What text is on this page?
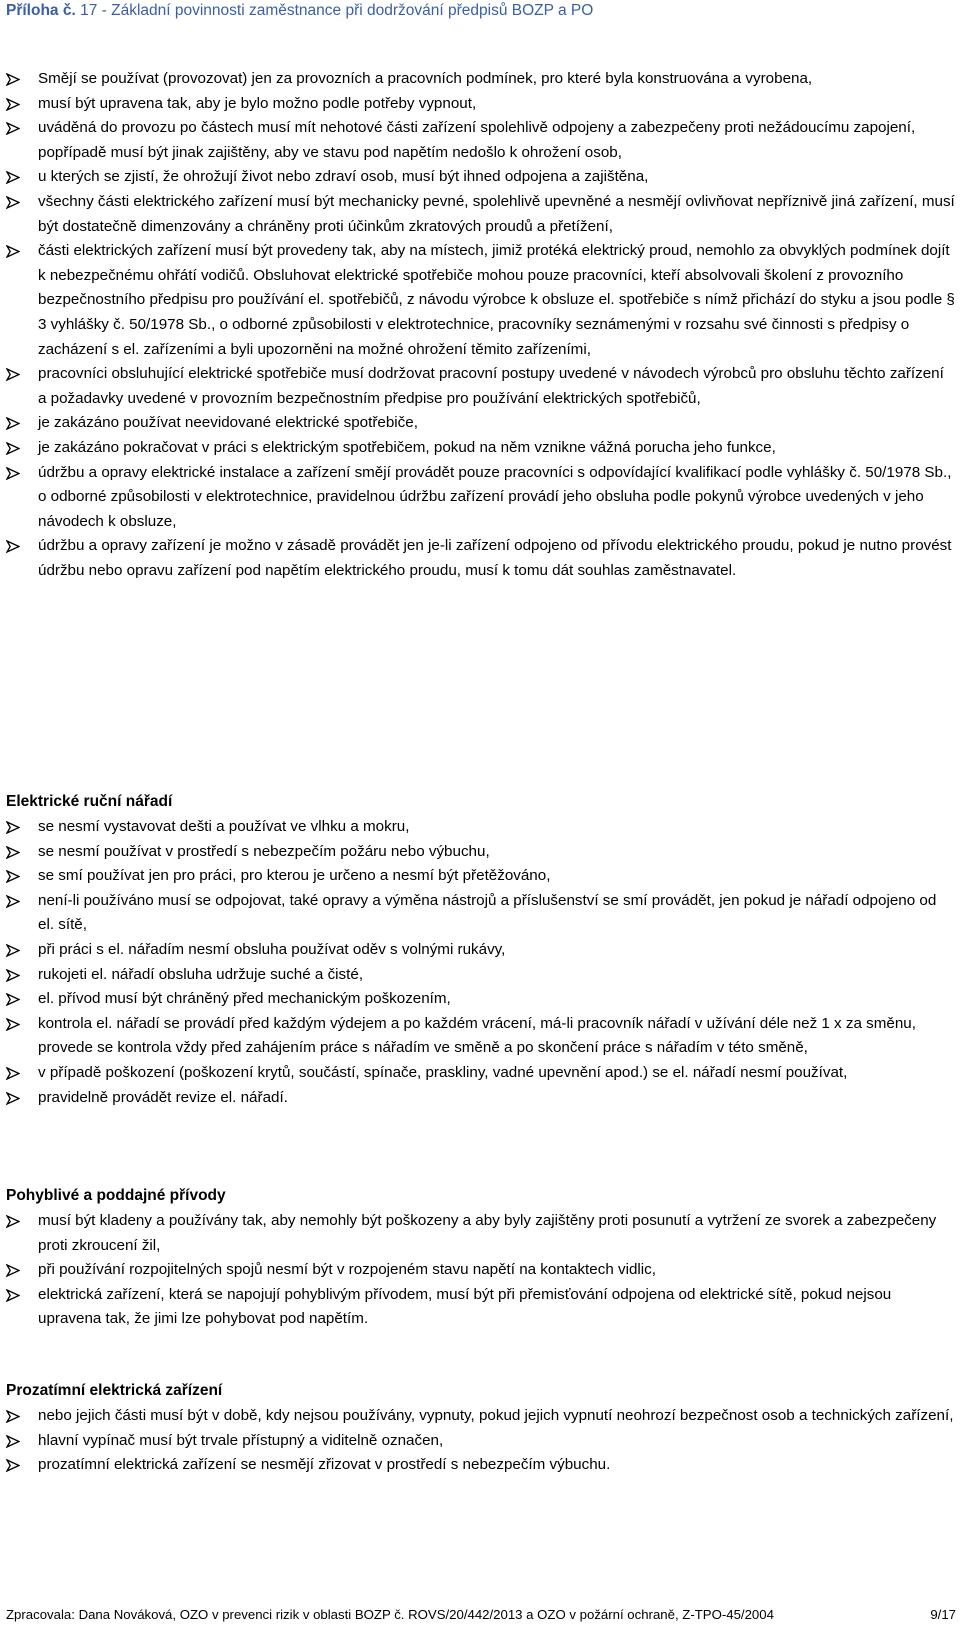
Příloha č. 17 - Základní povinnosti zaměstnance při dodržování předpisů BOZP a PO
Smějí se používat (provozovat) jen za provozních a pracovních podmínek, pro které byla konstruována a vyrobena,
musí být upravena tak, aby je bylo možno podle potřeby vypnout,
uváděná do provozu po částech musí mít nehotové části zařízení spolehlivě odpojeny a zabezpečeny proti nežádoucímu zapojení, popřípadě musí být jinak zajištěny, aby ve stavu pod napětím nedošlo k ohrožení osob,
u kterých se zjistí, že ohrožují život nebo zdraví osob, musí být ihned odpojena a zajištěna,
všechny části elektrického zařízení musí být mechanicky pevné, spolehlivě upevněné a nesmějí ovlivňovat nepříznivě jiná zařízení, musí být dostatečně dimenzovány a chráněny proti účinkům zkratových proudů a přetížení,
části elektrických zařízení musí být provedeny tak, aby na místech, jimiž protéká elektrický proud, nemohlo za obvyklých podmínek dojít k nebezpečnému ohřátí vodičů. Obsluhovat elektrické spotřebiče mohou pouze pracovníci, kteří absolvovali školení z provozního bezpečnostního předpisu pro používání el. spotřebičů, z návodu výrobce k obsluze el. spotřebiče s nímž přichází do styku a jsou podle § 3 vyhlášky č. 50/1978 Sb., o odborné způsobilosti v elektrotechnice, pracovníky seznámenými v rozsahu své činnosti s předpisy o zacházení s el. zařízeními a byli upozorněni na možné ohrožení těmito zařízeními,
pracovníci obsluhující elektrické spotřebiče musí dodržovat pracovní postupy uvedené v návodech výrobců pro obsluhu těchto zařízení a požadavky uvedené v provozním bezpečnostním předpise pro používání elektrických spotřebičů,
je zakázáno používat neevidované elektrické spotřebiče,
je zakázáno pokračovat v práci s elektrickým spotřebičem, pokud na něm vznikne vážná porucha jeho funkce,
údržbu a opravy elektrické instalace a zařízení smějí provádět pouze pracovníci s odpovídající kvalifikací podle vyhlášky č. 50/1978 Sb., o odborné způsobilosti v elektrotechnice, pravidelnou údržbu zařízení provádí jeho obsluha podle pokynů výrobce uvedených v jeho návodech k obsluze,
údržbu a opravy zařízení je možno v zásadě provádět jen je-li zařízení odpojeno od přívodu elektrického proudu, pokud je nutno provést údržbu nebo opravu zařízení pod napětím elektrického proudu, musí k tomu dát souhlas zaměstnavatel.
Elektrické ruční nářadí
se nesmí vystavovat dešti a používat ve vlhku a mokru,
se nesmí používat v prostředí s nebezpečím požáru nebo výbuchu,
se smí používat jen pro práci, pro kterou je určeno a nesmí být přetěžováno,
není-li používáno musí se odpojovat, také opravy a výměna nástrojů a příslušenství se smí provádět, jen pokud je nářadí odpojeno od el. sítě,
při práci s el. nářadím nesmí obsluha používat oděv s volnými rukávy,
rukojeti el. nářadí obsluha udržuje suché a čisté,
el. přívod musí být chráněný před mechanickým poškozením,
kontrola el. nářadí se provádí před každým výdejem a po každém vrácení, má-li pracovník nářadí v užívání déle než 1 x za směnu, provede se kontrola vždy před zahájením práce s nářadím ve směně a po skončení práce s nářadím v této směně,
v případě poškození (poškození krytů, součástí, spínače, praskliny, vadné upevnění apod.) se el. nářadí nesmí používat,
pravidelně provádět revize el. nářadí.
Pohyblivé a poddajné přívody
musí být kladeny a používány tak, aby nemohly být poškozeny a aby byly zajištěny proti posunutí a vytržení ze svorek a zabezpečeny proti zkroucení žil,
při používání rozpojitelných spojů nesmí být v rozpojeném stavu napětí na kontaktech vidlic,
elektrická zařízení, která se napojují pohyblivým přívodem, musí být při přemisťování odpojena od elektrické sítě, pokud nejsou upravena tak, že jimi lze pohybovat pod napětím.
Prozatímní elektrická zařízení
nebo jejich části musí být v době, kdy nejsou používány, vypnuty, pokud jejich vypnutí neohrozí bezpečnost osob a technických zařízení,
hlavní vypínač musí být trvale přístupný a viditelně označen,
prozatímní elektrická zařízení se nesmějí zřizovat v prostředí s nebezpečím výbuchu.
Zpracovala: Dana Nováková, OZO v prevenci rizik v oblasti BOZP č. ROVS/20/442/2013 a OZO v požární ochraně, Z-TPO-45/2004	9/17
